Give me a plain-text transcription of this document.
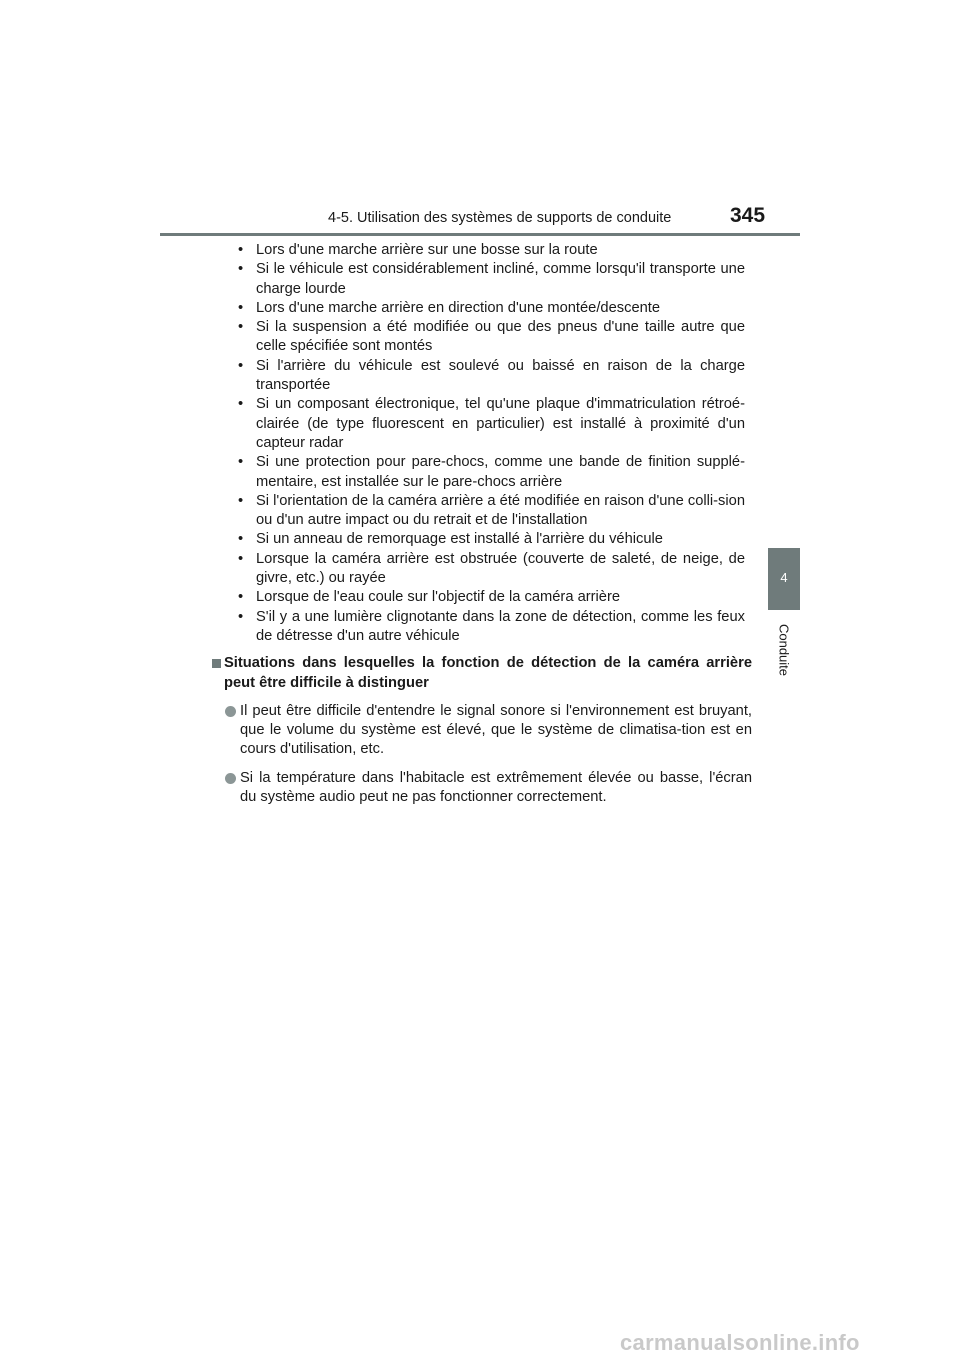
4-5. Utilisation des systèmes de supports de conduite	345
4
Conduite
• Lors d'une marche arrière sur une bosse sur la route
• Si le véhicule est considérablement incliné, comme lorsqu'il transporte une charge lourde
• Lors d'une marche arrière en direction d'une montée/descente
• Si la suspension a été modifiée ou que des pneus d'une taille autre que celle spécifiée sont montés
• Si l'arrière du véhicule est soulevé ou baissé en raison de la charge transportée
• Si un composant électronique, tel qu'une plaque d'immatriculation rétroé-clairée (de type fluorescent en particulier) est installé à proximité d'un capteur radar
• Si une protection pour pare-chocs, comme une bande de finition supplé-mentaire, est installée sur le pare-chocs arrière
• Si l'orientation de la caméra arrière a été modifiée en raison d'une colli-sion ou d'un autre impact ou du retrait et de l'installation
• Si un anneau de remorquage est installé à l'arrière du véhicule
• Lorsque la caméra arrière est obstruée (couverte de saleté, de neige, de givre, etc.) ou rayée
• Lorsque de l'eau coule sur l'objectif de la caméra arrière
• S'il y a une lumière clignotante dans la zone de détection, comme les feux de détresse d'un autre véhicule
Situations dans lesquelles la fonction de détection de la caméra arrière peut être difficile à distinguer
Il peut être difficile d'entendre le signal sonore si l'environnement est bruyant, que le volume du système est élevé, que le système de climatisa-tion est en cours d'utilisation, etc.
Si la température dans l'habitacle est extrêmement élevée ou basse, l'écran du système audio peut ne pas fonctionner correctement.
carmanualsonline.info
